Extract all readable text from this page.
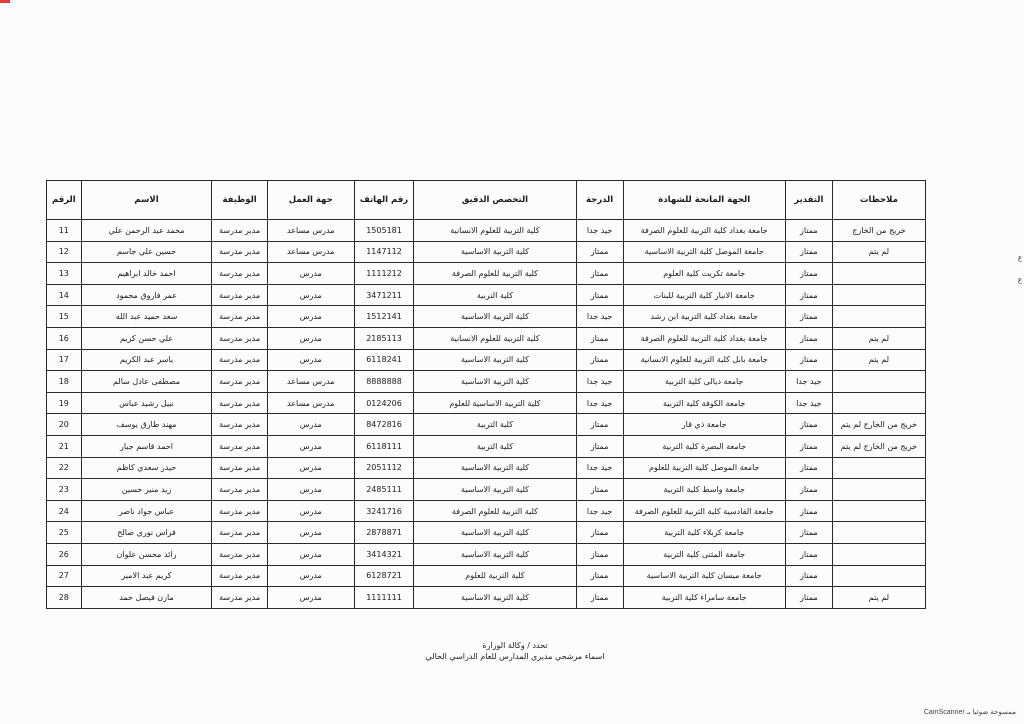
ملاحظات	التقدير	الجهة المانحة للشهادة	الدرجة	التخصص الدقيق	رقم الهاتف	جهة العمل	الوظيفة	الاسم	الرقم
خريج من الخارج	ممتاز	جامعة بغداد كلية التربية للعلوم الصرفة	جيد جدا	كلية التربية للعلوم الانسانية	1505181	مدرس مساعد	مدير مدرسة	محمد عبد الرحمن علي	11
لم يتم	ممتاز	جامعة الموصل كلية التربية الاساسية	ممتاز	كلية التربية الاساسية	1147112	مدرس مساعد	مدير مدرسة	حسين علي جاسم	12
	ممتاز	جامعة تكريت كلية العلوم	ممتاز	كلية التربية للعلوم الصرفة	1111212	مدرس	مدير مدرسة	احمد خالد ابراهيم	13
	ممتاز	جامعة الانبار كلية التربية للبنات	ممتاز	كلية التربية	3471211	مدرس	مدير مدرسة	عمر فاروق محمود	14
	ممتاز	جامعة بغداد كلية التربية ابن رشد	جيد جدا	كلية التربية الاساسية	1512141	مدرس	مدير مدرسة	سعد حميد عبد الله	15
لم يتم	ممتاز	جامعة بغداد كلية التربية للعلوم الصرفة	ممتاز	كلية التربية للعلوم الانسانية	2185113	مدرس	مدير مدرسة	علي حسن كريم	16
لم يتم	ممتاز	جامعة بابل كلية التربية للعلوم الانسانية	ممتاز	كلية التربية الاساسية	6118241	مدرس	مدير مدرسة	ياسر عبد الكريم	17
	جيد جدا	جامعة ديالى كلية التربية	جيد جدا	كلية التربية الاساسية	8888888	مدرس مساعد	مدير مدرسة	مصطفى عادل سالم	18
	جيد جدا	جامعة الكوفة كلية التربية	جيد جدا	كلية التربية الاساسية للعلوم	0124206	مدرس مساعد	مدير مدرسة	نبيل رشيد عباس	19
خريج من الخارج لم يتم	ممتاز	جامعة ذي قار	ممتاز	كلية التربية	8472816	مدرس	مدير مدرسة	مهند طارق يوسف	20
خريج من الخارج لم يتم	ممتاز	جامعة البصرة كلية التربية	ممتاز	كلية التربية	6118111	مدرس	مدير مدرسة	احمد قاسم جبار	21
	ممتاز	جامعة الموصل كلية التربية للعلوم	جيد جدا	كلية التربية الاساسية	2051112	مدرس	مدير مدرسة	حيدر سعدي كاظم	22
	ممتاز	جامعة واسط كلية التربية	ممتاز	كلية التربية الاساسية	2485111	مدرس	مدير مدرسة	زيد منير حسين	23
	ممتاز	جامعة القادسية كلية التربية للعلوم الصرفة	جيد جدا	كلية التربية للعلوم الصرفة	3241716	مدرس	مدير مدرسة	عباس جواد ناصر	24
	ممتاز	جامعة كربلاء كلية التربية	ممتاز	كلية التربية الاساسية	2878871	مدرس	مدير مدرسة	فراس نوري صالح	25
	ممتاز	جامعة المثنى كلية التربية	ممتاز	كلية التربية الاساسية	3414321	مدرس	مدير مدرسة	رائد محسن علوان	26
	ممتاز	جامعة ميسان كلية التربية الاساسية	ممتاز	كلية التربية للعلوم	6128721	مدرس	مدير مدرسة	كريم عبد الامير	27
لم يتم	ممتاز	جامعة سامراء كلية التربية	ممتاز	كلية التربية الاساسية	1111111	مدرس	مدير مدرسة	مازن فيصل حمد	28
ع
ع
تحدد / وكالة الوزارة
اسماء مرشحي مديري المدارس للعام الدراسي الحالي
CamScanner ممسوحة ضوئيا بـ
